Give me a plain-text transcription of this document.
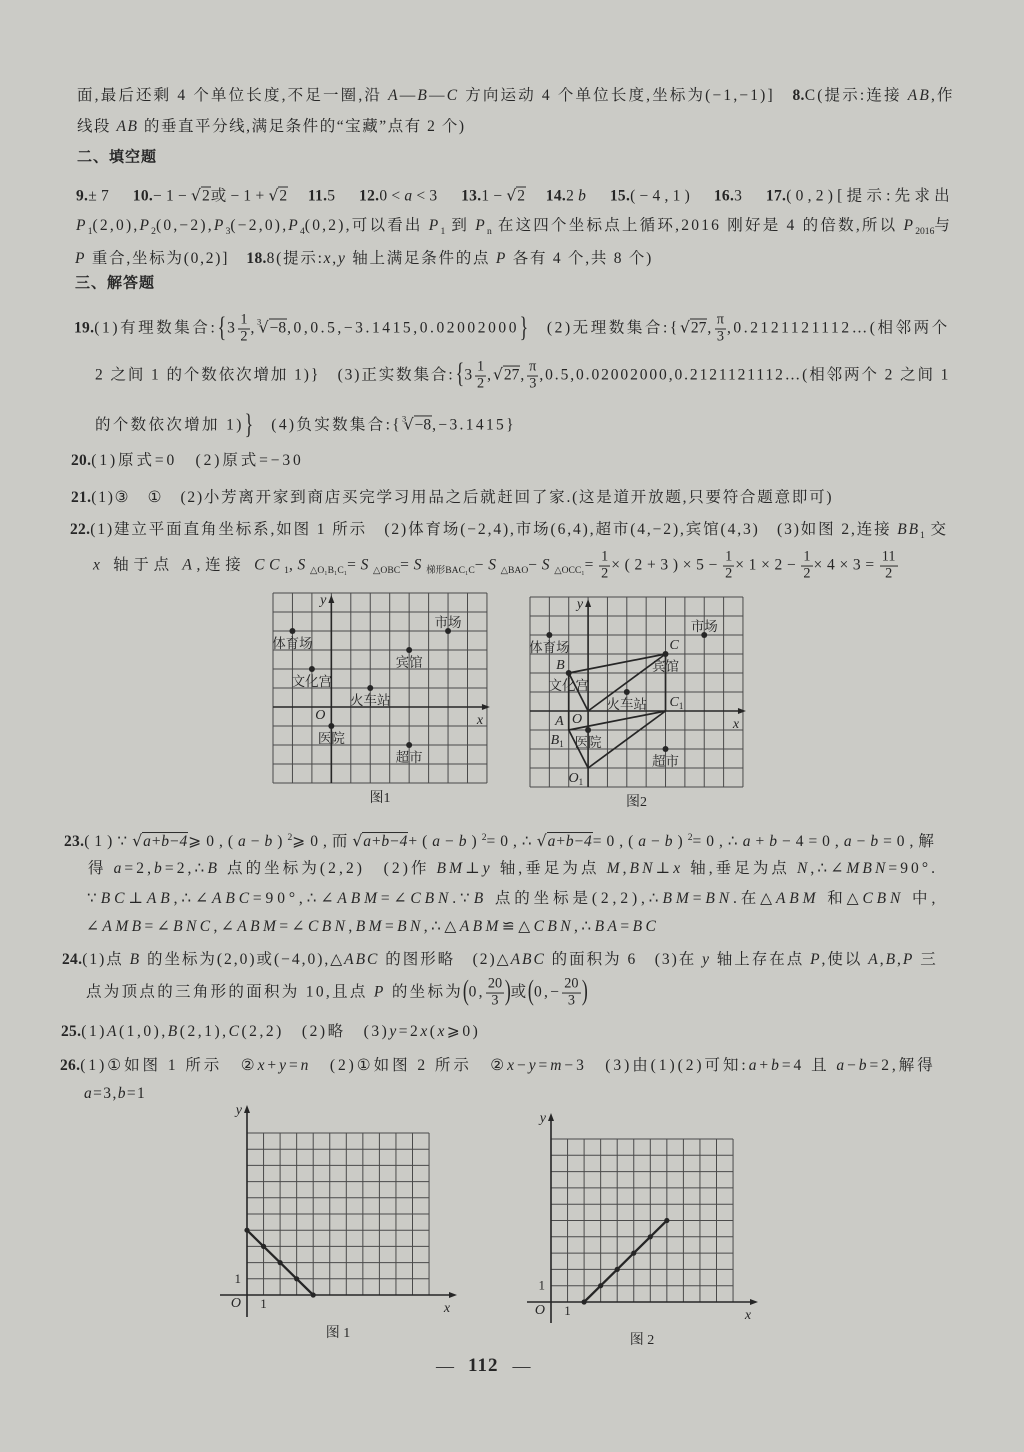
面,最后还剩 4 个单位长度,不足一圈,沿 A—B—C 方向运动 4 个单位长度,坐标为(−1,−1)]　8.C(提示:连接 AB,作
线段 AB 的垂直平分线,满足条件的“宝藏”点有 2 个)
二、填空题
9.±7　10.−1− √ 2或−1+ √ 2　 11.5　12.0<a<3　13.1− √ 2　 14.2b　 15.(−4,1)　16.3　17.(0,2)[提示:先求出
$P_1(2,0),P_2(0,-2),P_3(-2,0),P_4(0,2)$,可以看出 $P_1$ 到 $P_n$ 在这四个坐标点上循环,2016 刚好是 4 的倍数,所以 $P_{2016}$与
P 重合,坐标为(0,2)]　18.8(提示:x,y 轴上满足条件的点 P 各有 4 个,共 8 个)
三、解答题
19.(1)有理数集合:{3 $\frac{1}{2} ,^3$ √ −8,0,0.5,−3.1415,0.02002000}　(2)无理数集合:{ √ 27, $\frac{\pi}{3}$ ,0.2121121112…(相邻两个
2 之间 1 的个数依次增加 1)}　(3)正实数集合:{3 $\frac{1}{2}$ , √ 27, $\frac{\pi}{3}$ ,0.5,0.02002000,0.2121121112…(相邻两个 2 之间 1
的个数依次增加 1)}　(4)负实数集合:{$^3$ √ −8,−3.1415}
20.(1)原式=0　(2)原式=−30
21.(1)③　①　(2)小芳离开家到商店买完学习用品之后就赶回了家.(这是道开放题,只要符合题意即可)
22.(1)建立平面直角坐标系,如图 1 所示　(2)体育场(−2,4),市场(6,4),超市(4,−2),宾馆(4,3)　(3)如图 2,连接 $BB_1$ 交
x 轴于点 A,连接 $CC_1,S_{\triangle O_1B_1C_1}=S_{\triangle OBC}=S_{梯形BAC_1C}-S_{\triangle BAO}-S_{\triangle OCC_1}= \frac{1}{2} \times(2+3)\times 5- \frac{1}{2} \times 1\times 2- \frac{1}{2} \times 4\times 3= \frac{11}{2}$
y
x
O
体育场
市场
宾馆
文化宫
火车站
医院
超市
图1
y
x
O
体育场
市场
宾馆
文化宫
火车站
医院
超市
B
C
A
$B_1$
$C_1$
$O_1$
图2
23.(1)∵ √ $a+b-4⩾0,(a-b)^2⩾0$,而 √ $a+b-4+(a-b)^2=0,\therefore$ √ $a+b-4=0,(a-b)^2=0,\therefore a+b-4=0,a-b=0$,解
得 a=2,b=2,∴B 点的坐标为(2,2)　(2)作 BM⊥y 轴,垂足为点 M,BN⊥x 轴,垂足为点 N,∴∠MBN=90°.
∵BC⊥AB,∴∠ABC=90°,∴∠ABM=∠CBN.∵B 点的坐标是(2,2),∴BM=BN.在△ABM 和△CBN 中,
∠AMB=∠BNC,∠ABM=∠CBN,BM=BN,∴△ABM≌△CBN,∴BA=BC
24.(1)点 B 的坐标为(2,0)或(−4,0),△ABC 的图形略　(2)△ABC 的面积为 6　(3)在 y 轴上存在点 P,使以 A,B,P 三
点为顶点的三角形的面积为 10,且点 P 的坐标为(0, $\frac{20}{3}$ )或($0,- \frac{20}{3}$ )
25.(1)A(1,0),B(2,1),C(2,2)　(2)略　(3)y=2x(x⩾0)
26.(1)①如图 1 所示　②x+y=n　(2)①如图 2 所示　②x−y=m−3　(3)由(1)(2)可知:a+b=4 且 a−b=2,解得
a=3,b=1
y
x
O 1
1
图 1
y
x
O 1
1
图 2
— 112 —
